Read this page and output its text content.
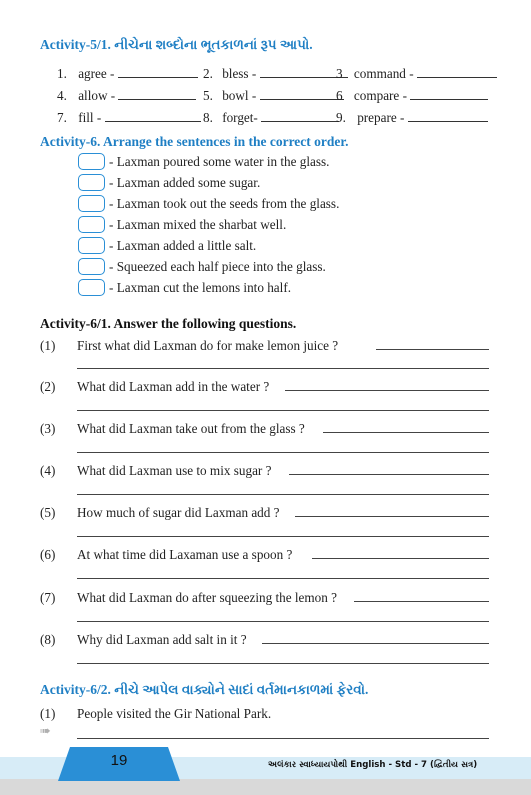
Activity-5/1. નીચેના શબ્દોના ભૂતકાળનાં રૂપ આપો.
1. agree -	2. bless -	3 command -
4. allow -	5. bowl -	6 compare -
7. fill -	8. forget-	9. prepare -
Activity-6. Arrange the sentences in the correct order.
- Laxman poured some water in the glass.
- Laxman added some sugar.
- Laxman took out the seeds from the glass.
- Laxman mixed the sharbat well.
- Laxman added a little salt.
- Squeezed each half piece into the glass.
- Laxman cut the lemons into half.
Activity-6/1. Answer the following questions.
(1) First what did Laxman do for make lemon juice ?
(2) What did Laxman add in the water ?
(3) What did Laxman take out from the glass ?
(4) What did Laxman use to mix sugar ?
(5) How much of sugar did Laxman add ?
(6) At what time did Laxaman use a spoon ?
(7) What did Laxman do after squeezing the lemon ?
(8) Why did Laxman add salt in it ?
Activity-6/2. નીચે આપેલ વાક્યોને સાદાં વર્તમાનકાળમાં ફેરવો.
(1) People visited the Gir National Park.
➠
19	અલંકાર સ્વાધ્યાયપોથી English - Std - 7 (દ્વિતીય સત્ર)
